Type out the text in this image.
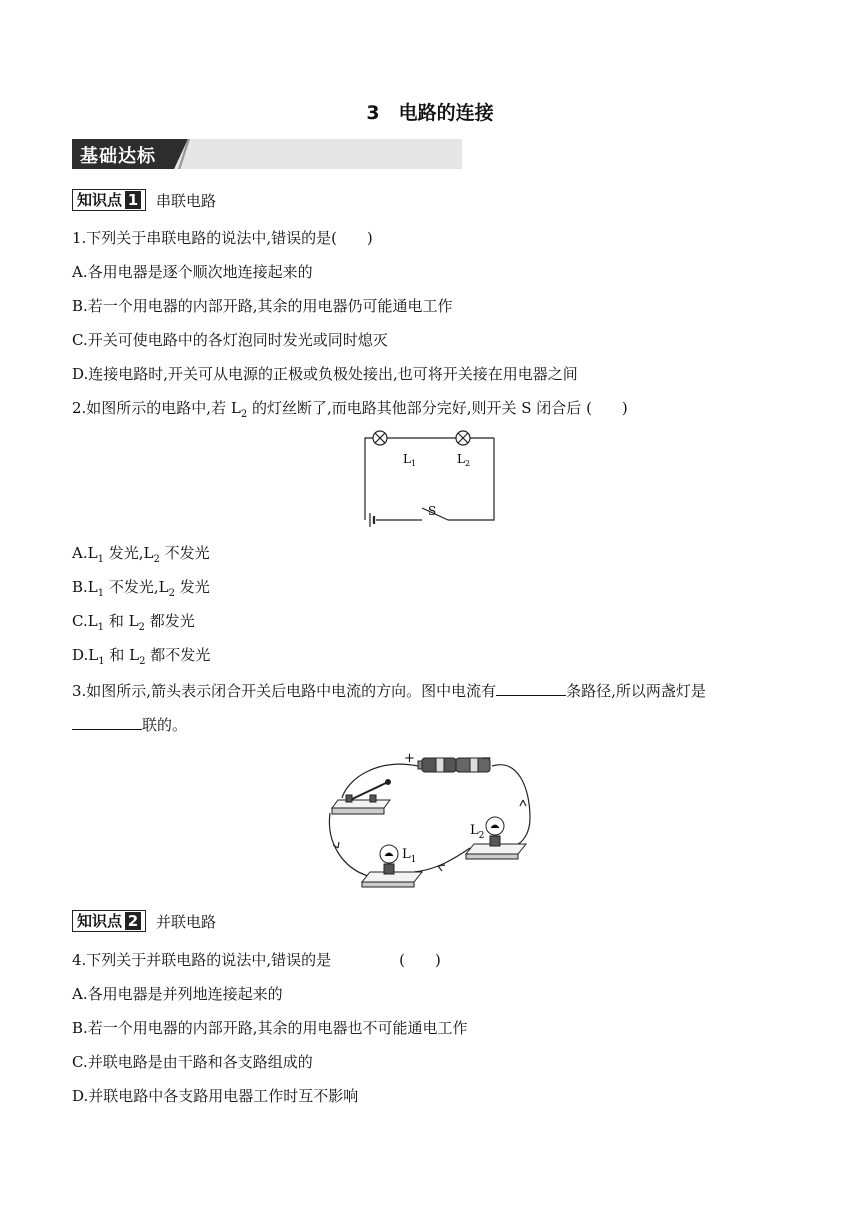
3　电路的连接
基础达标
知识点 1 串联电路
1.下列关于串联电路的说法中,错误的是(　　)
A.各用电器是逐个顺次地连接起来的
B.若一个用电器的内部开路,其余的用电器仍可能通电工作
C.开关可使电路中的各灯泡同时发光或同时熄灭
D.连接电路时,开关可从电源的正极或负极处接出,也可将开关接在用电器之间
2.如图所示的电路中,若 $L_2$ 的灯丝断了,而电路其他部分完好,则开关 S 闭合后 (　　)
$L_1$	$L_2$
S
$A.L_1$ 发光$,L_2$ 不发光
$B.L_1$ 不发光$,L_2$ 发光
$C.L_1$ 和 $L_2$ 都发光
$D.L_1$ 和 $L_2$ 都不发光
3.如图所示,箭头表示闭合开关后电路中电流的方向。图中电流有	条路径,所以两盏灯是
联的。
+	−
$L_1$
$L_2$
知识点 2 并联电路
4.下列关于并联电路的说法中,错误的是	(　　)
A.各用电器是并列地连接起来的
B.若一个用电器的内部开路,其余的用电器也不可能通电工作
C.并联电路是由干路和各支路组成的
D.并联电路中各支路用电器工作时互不影响
